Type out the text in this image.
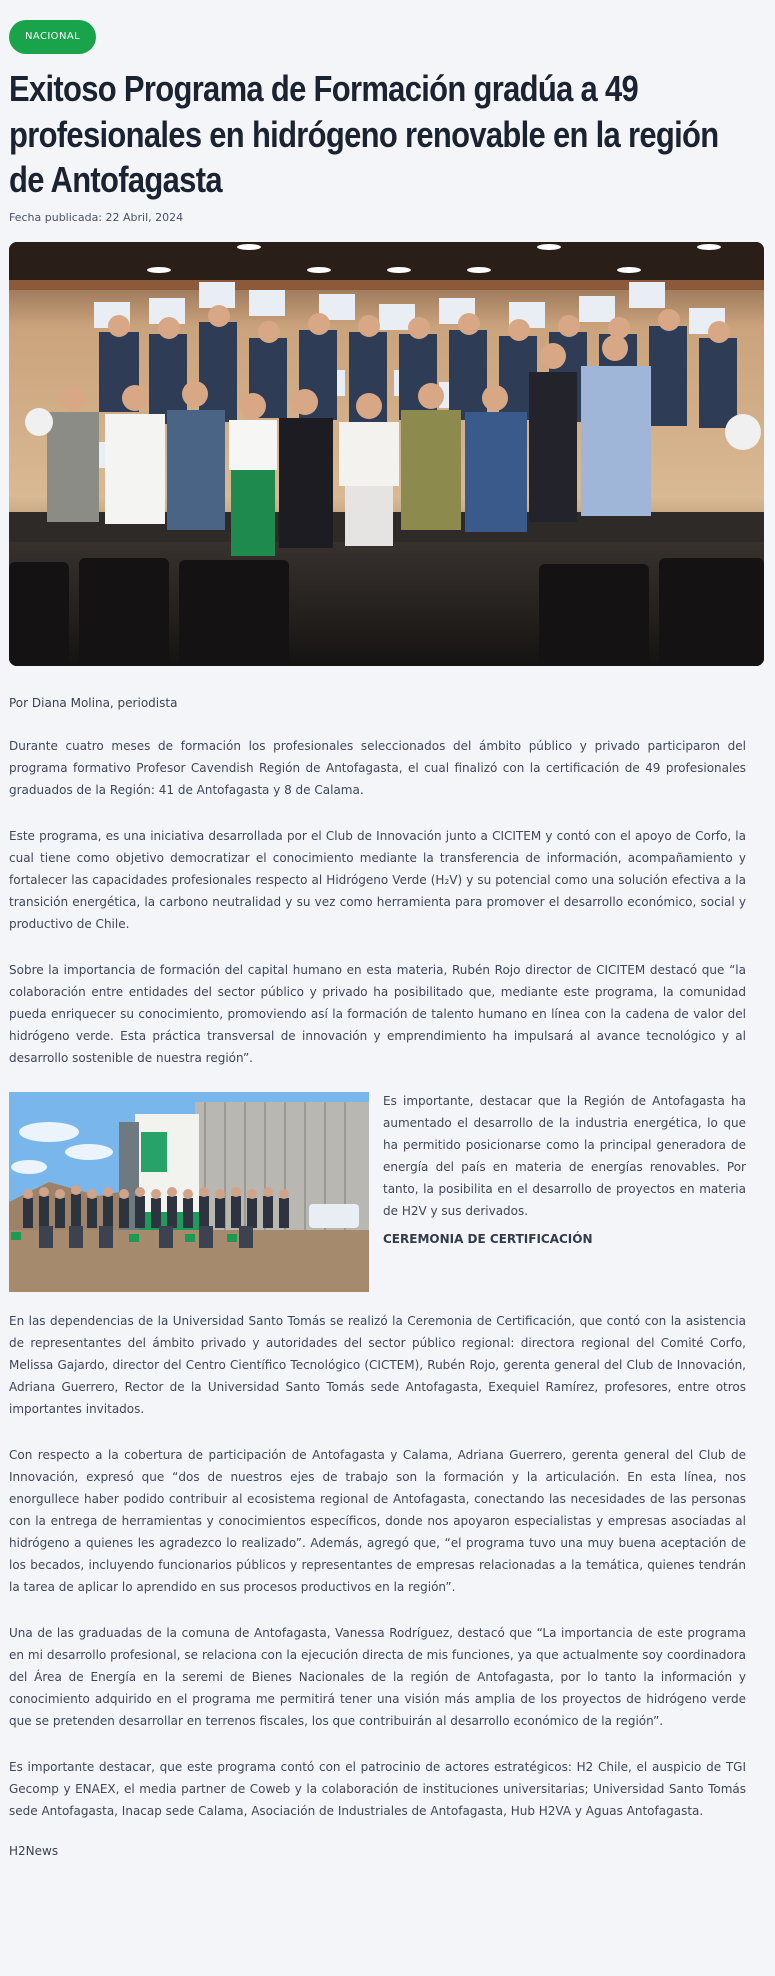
NACIONAL
Exitoso Programa de Formación gradúa a 49 profesionales en hidrógeno renovable en la región de Antofagasta
Fecha publicada: 22 Abril, 2024
Por Diana Molina, periodista

Durante cuatro meses de formación los profesionales seleccionados del ámbito público y privado participaron del programa formativo Profesor Cavendish Región de Antofagasta, el cual finalizó con la certificación de 49 profesionales graduados de la Región: 41 de Antofagasta y 8 de Calama.

Este programa, es una iniciativa desarrollada por el Club de Innovación junto a CICITEM y contó con el apoyo de Corfo, la cual tiene como objetivo democratizar el conocimiento mediante la transferencia de información, acompañamiento y fortalecer las capacidades profesionales respecto al Hidrógeno Verde (H₂V) y su potencial como una solución efectiva a la transición energética, la carbono neutralidad y su vez como herramienta para promover el desarrollo económico, social y productivo de Chile.

Sobre la importancia de formación del capital humano en esta materia, Rubén Rojo director de CICITEM destacó que “la colaboración entre entidades del sector público y privado ha posibilitado que, mediante este programa, la comunidad pueda enriquecer su conocimiento, promoviendo así la formación de talento humano en línea con la cadena de valor del hidrógeno verde. Esta práctica transversal de innovación y emprendimiento ha impulsará al avance tecnológico y al desarrollo sostenible de nuestra región”.

Es importante, destacar que la Región de Antofagasta ha aumentado el desarrollo de la industria energética, lo que ha permitido posicionarse como la principal generadora de energía del país en materia de energías renovables. Por tanto, la posibilita en el desarrollo de proyectos en materia de H2V y sus derivados.

CEREMONIA DE CERTIFICACIÓN

En las dependencias de la Universidad Santo Tomás se realizó la Ceremonia de Certificación, que contó con la asistencia de representantes del ámbito privado y autoridades del sector público regional: directora regional del Comité Corfo, Melissa Gajardo, director del Centro Científico Tecnológico (CICTEM), Rubén Rojo, gerenta general del Club de Innovación, Adriana Guerrero, Rector de la Universidad Santo Tomás sede Antofagasta, Exequiel Ramírez, profesores, entre otros importantes invitados.

Con respecto a la cobertura de participación de Antofagasta y Calama, Adriana Guerrero, gerenta general del Club de Innovación, expresó que “dos de nuestros ejes de trabajo son la formación y la articulación. En esta línea, nos enorgullece haber podido contribuir al ecosistema regional de Antofagasta, conectando las necesidades de las personas con la entrega de herramientas y conocimientos específicos, donde nos apoyaron especialistas y empresas asociadas al hidrógeno a quienes les agradezco lo realizado”. Además, agregó que, “el programa tuvo una muy buena aceptación de los becados, incluyendo funcionarios públicos y representantes de empresas relacionadas a la temática, quienes tendrán la tarea de aplicar lo aprendido en sus procesos productivos en la región”.

Una de las graduadas de la comuna de Antofagasta, Vanessa Rodríguez, destacó que “La importancia de este programa en mi desarrollo profesional, se relaciona con la ejecución directa de mis funciones, ya que actualmente soy coordinadora del Área de Energía en la seremi de Bienes Nacionales de la región de Antofagasta, por lo tanto la información y conocimiento adquirido en el programa me permitirá tener una visión más amplia de los proyectos de hidrógeno verde que se pretenden desarrollar en terrenos fiscales, los que contribuirán al desarrollo económico de la región”.

Es importante destacar, que este programa contó con el patrocinio de actores estratégicos: H2 Chile, el auspicio de TGI Gecomp y ENAEX, el media partner de Coweb y la colaboración de instituciones universitarias; Universidad Santo Tomás sede Antofagasta, Inacap sede Calama, Asociación de Industriales de Antofagasta, Hub H2VA y Aguas Antofagasta.

H2News
